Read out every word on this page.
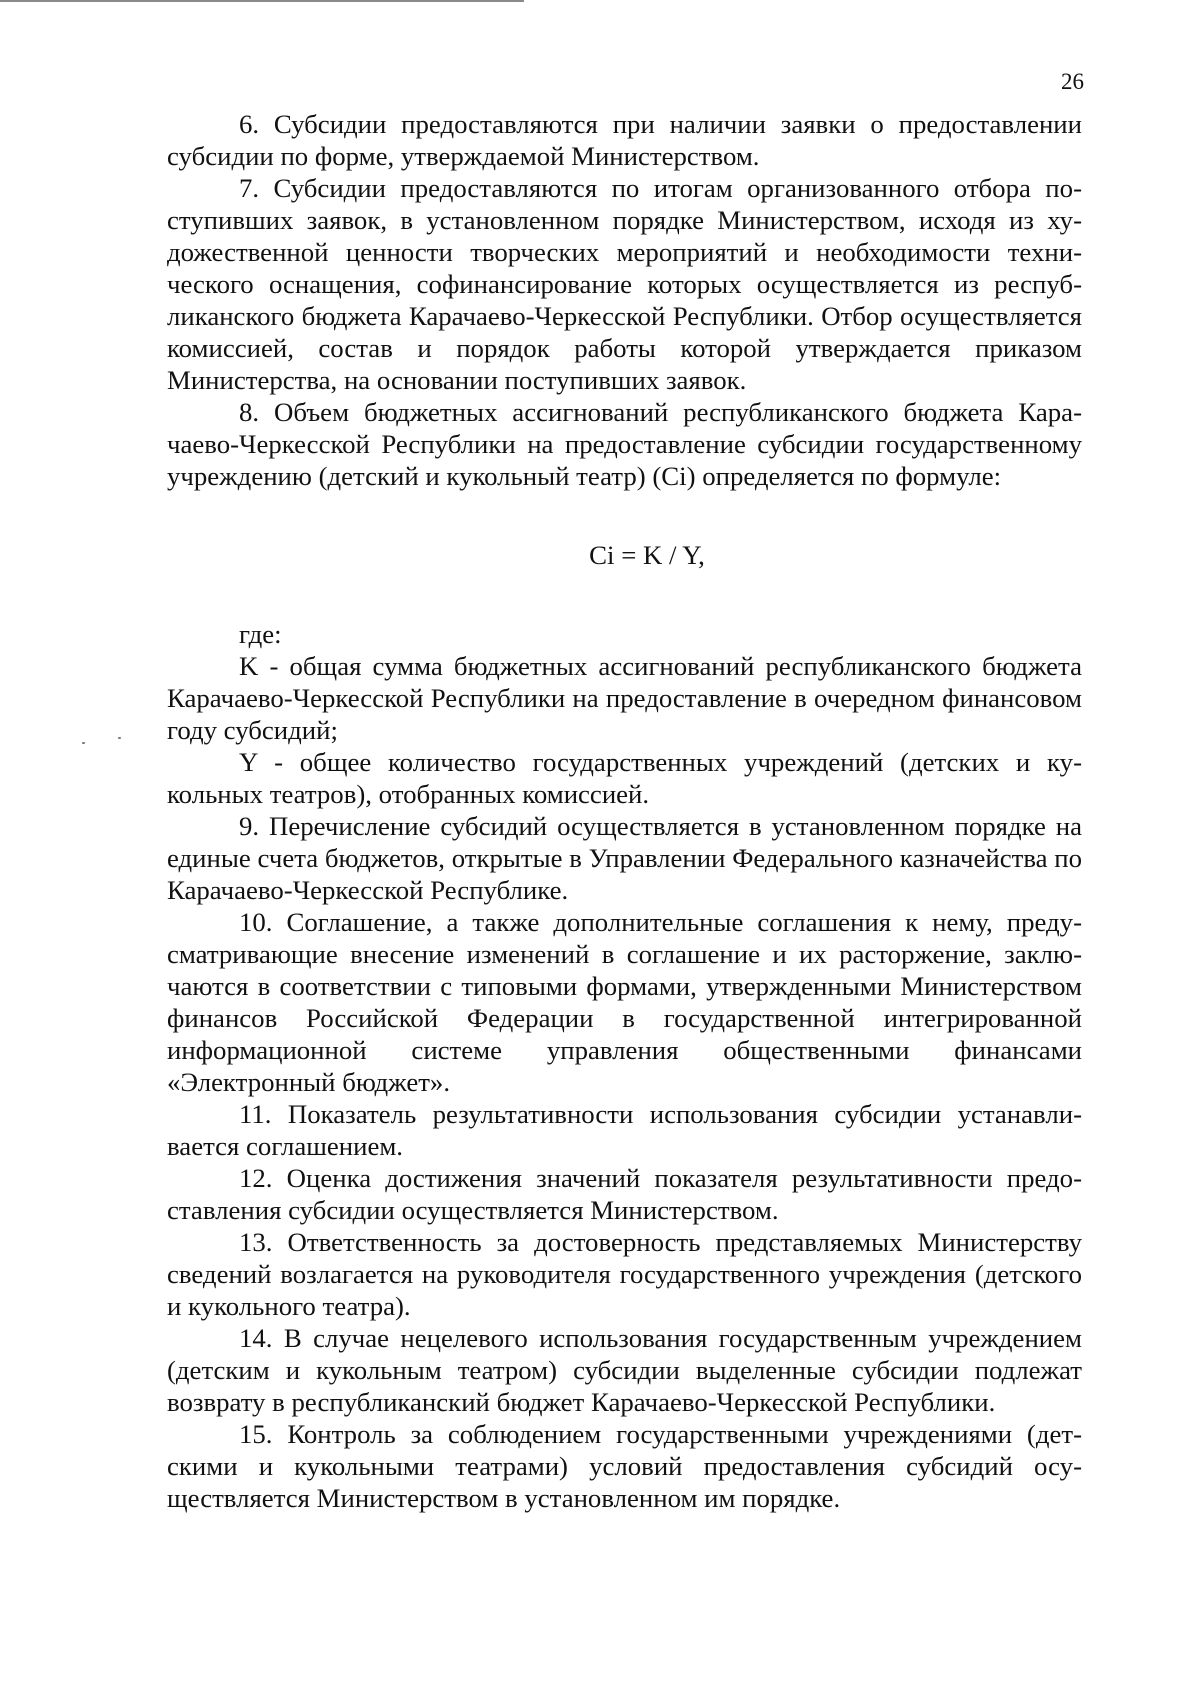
26

6. Субсидии предоставляются при наличии заявки о предоставлении субсидии по форме, утверждаемой Министерством.

7. Субсидии предоставляются по итогам организованного отбора поступивших заявок, в установленном порядке Министерством, исходя из художественной ценности творческих мероприятий и необходимости технического оснащения, софинансирование которых осуществляется из республиканского бюджета Карачаево-Черкесской Республики. Отбор осуществляется комиссией, состав и порядок работы которой утверждается приказом Министерства, на основании поступивших заявок.

8. Объем бюджетных ассигнований республиканского бюджета Карачаево-Черкесской Республики на предоставление субсидии государственному учреждению (детский и кукольный театр) (Ci) определяется по формуле:

Ci = K / Y,

где:

K - общая сумма бюджетных ассигнований республиканского бюджета Карачаево-Черкесской Республики на предоставление в очередном финансовом году субсидий;

Y - общее количество государственных учреждений (детских и кукольных театров), отобранных комиссией.

9. Перечисление субсидий осуществляется в установленном порядке на единые счета бюджетов, открытые в Управлении Федерального казначейства по Карачаево-Черкесской Республике.

10. Соглашение, а также дополнительные соглашения к нему, предусматривающие внесение изменений в соглашение и их расторжение, заключаются в соответствии с типовыми формами, утвержденными Министерством финансов Российской Федерации в государственной интегрированной информационной системе управления общественными финансами «Электронный бюджет».

11. Показатель результативности использования субсидии устанавливается соглашением.

12. Оценка достижения значений показателя результативности предоставления субсидии осуществляется Министерством.

13. Ответственность за достоверность представляемых Министерству сведений возлагается на руководителя государственного учреждения (детского и кукольного театра).

14. В случае нецелевого использования государственным учреждением (детским и кукольным театром) субсидии выделенные субсидии подлежат возврату в республиканский бюджет Карачаево-Черкесской Республики.

15. Контроль за соблюдением государственными учреждениями (детскими и кукольными театрами) условий предоставления субсидий осуществляется Министерством в установленном им порядке.
